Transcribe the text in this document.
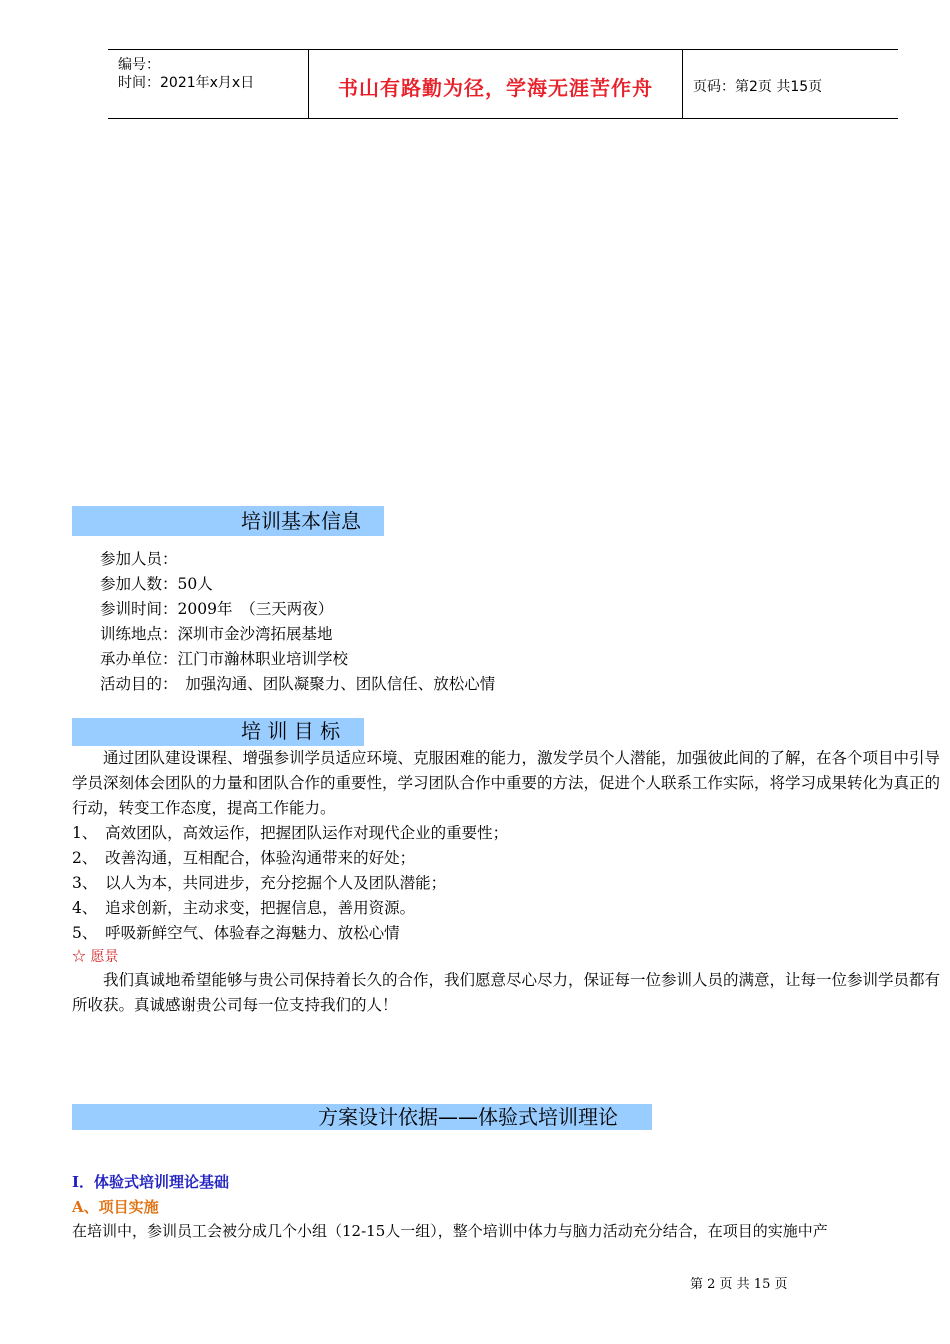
编号：
时间：2021年x月x日	书山有路勤为径，学海无涯苦作舟	页码：第2页 共15页
培训基本信息
参加人员：
参加人数：50人
参训时间：2009年　（三天两夜）
训练地点：深圳市金沙湾拓展基地
承办单位：江门市瀚林职业培训学校
活动目的：　加强沟通、团队凝聚力、团队信任、放松心情
培 训 目 标
　　通过团队建设课程、增强参训学员适应环境、克服困难的能力，激发学员个人潜能，加强彼此间的了解，在各个项目中引导学员深刻体会团队的力量和团队合作的重要性，学习团队合作中重要的方法，促进个人联系工作实际，将学习成果转化为真正的行动，转变工作态度，提高工作能力。
1、　高效团队，高效运作，把握团队运作对现代企业的重要性；
2、　改善沟通，互相配合，体验沟通带来的好处；
3、　以人为本，共同进步，充分挖掘个人及团队潜能；
4、　追求创新，主动求变，把握信息，善用资源。
5、　呼吸新鲜空气、体验春之海魅力、放松心情
☆ 愿景
　　我们真诚地希望能够与贵公司保持着长久的合作，我们愿意尽心尽力，保证每一位参训人员的满意，让每一位参训学员都有所收获。真诚感谢贵公司每一位支持我们的人！
方案设计依据——体验式培训理论
I．体验式培训理论基础
A、项目实施
在培训中，参训员工会被分成几个小组（12-15人一组），整个培训中体力与脑力活动充分结合，在项目的实施中产
第 2 页 共 15 页
